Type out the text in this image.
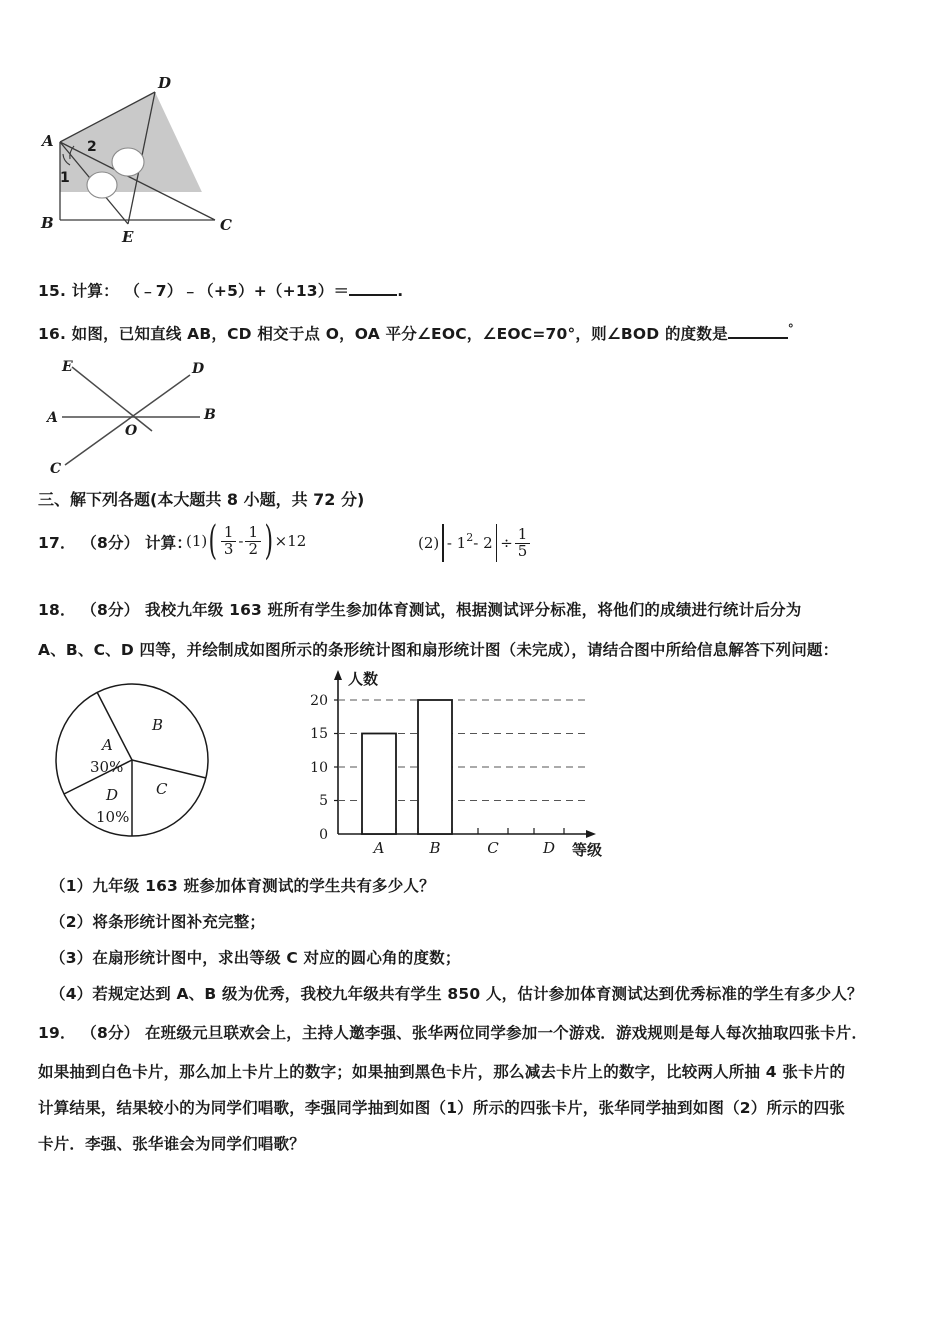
A
B	C
D
E
2
1
15. 计算： （﹣7）﹣（+5）+（+13）＝	.
16. 如图，已知直线 AB，CD 相交于点 O，OA 平分∠EOC，∠EOC=70°，则∠BOD 的度数是	°
E	D
A	B
C
O
三、解下列各题(本大题共 8 小题，共 72 分)
17． （8分） 计算：
$(1)( \frac{1}{3} - \frac{1}{2}$ ) ×12	$(2) - 1^2-$ $2 \div \frac{1}{5}$
18． （8分） 我校九年级 163 班所有学生参加体育测试，根据测试评分标准，将他们的成绩进行统计后分为
A、B、C、D 四等，并绘制成如图所示的条形统计图和扇形统计图（未完成），请结合图中所给信息解答下列问题：
A
30%
B
C
D
10%
0
5
10
15
20
人数
A	B	C	D 等级
（1）九年级 163 班参加体育测试的学生共有多少人？
（2）将条形统计图补充完整；
（3）在扇形统计图中，求出等级 C 对应的圆心角的度数；
（4）若规定达到 A、B 级为优秀，我校九年级共有学生 850 人，估计参加体育测试达到优秀标准的学生有多少人？
19． （8分） 在班级元旦联欢会上，主持人邀李强、张华两位同学参加一个游戏．游戏规则是每人每次抽取四张卡片．
如果抽到白色卡片，那么加上卡片上的数字；如果抽到黑色卡片，那么减去卡片上的数字，比较两人所抽 4 张卡片的
计算结果，结果较小的为同学们唱歌，李强同学抽到如图（1）所示的四张卡片，张华同学抽到如图（2）所示的四张
卡片．李强、张华谁会为同学们唱歌？
